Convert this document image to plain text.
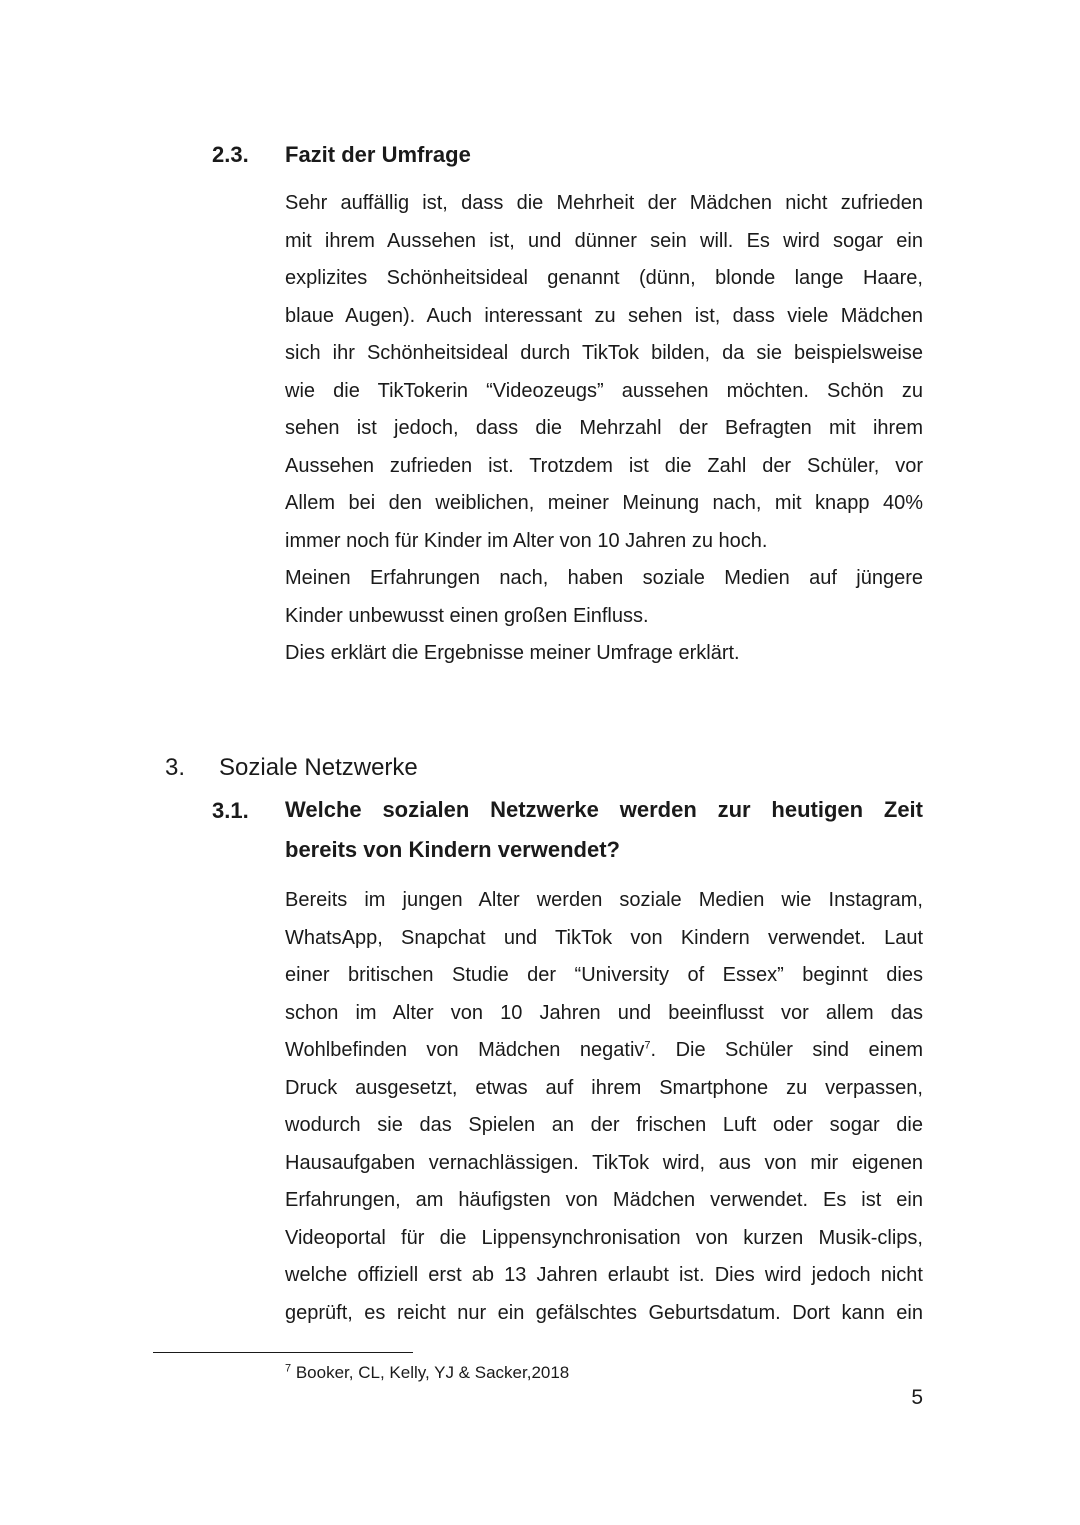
2.3. Fazit der Umfrage

Sehr auffällig ist, dass die Mehrheit der Mädchen nicht zufrieden

mit ihrem Aussehen ist, und dünner sein will. Es wird sogar ein

explizites Schönheitsideal genannt (dünn, blonde lange Haare,

blaue Augen). Auch interessant zu sehen ist, dass viele Mädchen

sich ihr Schönheitsideal durch TikTok bilden, da sie beispielsweise

wie die TikTokerin “Videozeugs” aussehen möchten. Schön zu

sehen ist jedoch, dass die Mehrzahl der Befragten mit ihrem

Aussehen zufrieden ist. Trotzdem ist die Zahl der Schüler, vor

Allem bei den weiblichen, meiner Meinung nach, mit knapp 40%

immer noch für Kinder im Alter von 10 Jahren zu hoch.

Meinen Erfahrungen nach, haben soziale Medien auf jüngere

Kinder unbewusst einen großen Einfluss.

Dies erklärt die Ergebnisse meiner Umfrage erklärt.

3. Soziale Netzwerke
3.1. Welche sozialen Netzwerke werden zur heutigen Zeit
bereits von Kindern verwendet?

Bereits im jungen Alter werden soziale Medien wie Instagram,

WhatsApp, Snapchat und TikTok von Kindern verwendet. Laut

einer britischen Studie der “University of Essex” beginnt dies

schon im Alter von 10 Jahren und beeinflusst vor allem das

Wohlbefinden von Mädchen negativ$^7$. Die Schüler sind einem

Druck ausgesetzt, etwas auf ihrem Smartphone zu verpassen,

wodurch sie das Spielen an der frischen Luft oder sogar die

Hausaufgaben vernachlässigen. TikTok wird, aus von mir eigenen

Erfahrungen, am häufigsten von Mädchen verwendet. Es ist ein

Videoportal für die Lippensynchronisation von kurzen Musik-clips,

welche offiziell erst ab 13 Jahren erlaubt ist. Dies wird jedoch nicht

geprüft, es reicht nur ein gefälschtes Geburtsdatum. Dort kann ein

$^7$ Booker, CL, Kelly, YJ & Sacker,2018
5
